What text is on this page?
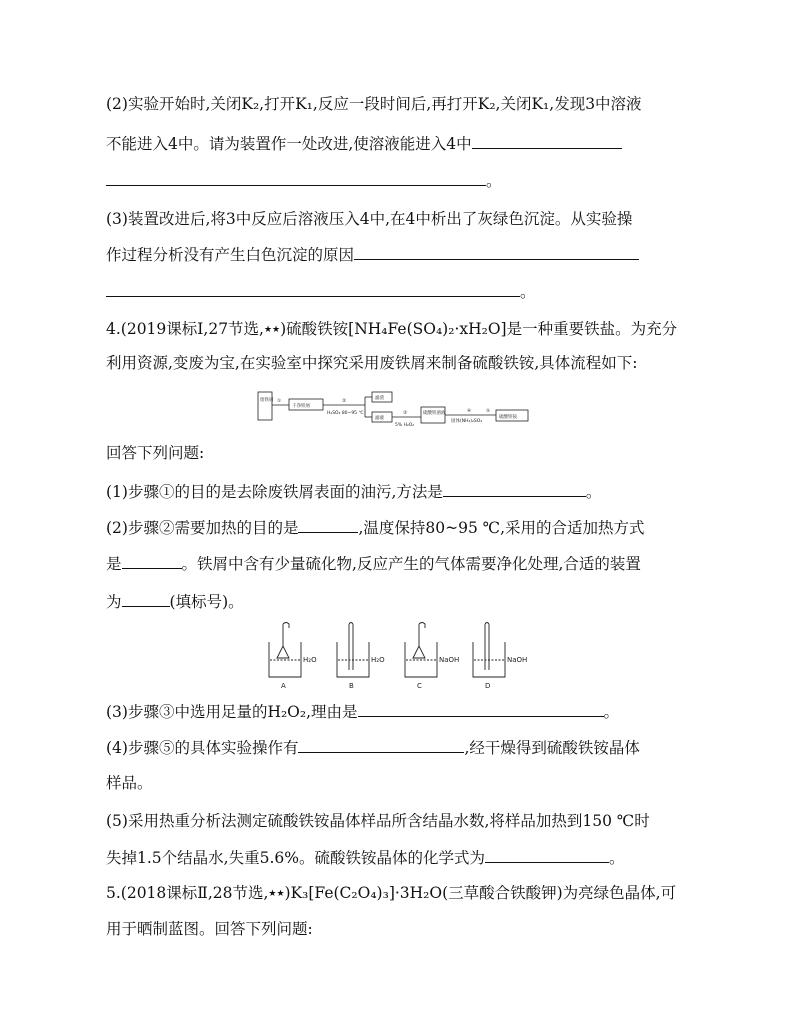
(2)实验开始时,关闭K₂,打开K₁,反应一段时间后,再打开K₂,关闭K₁,发现3中溶液
不能进入4中。请为装置作一处改进,使溶液能进入4中
。
(3)装置改进后,将3中反应后溶液压入4中,在4中析出了灰绿色沉淀。从实验操
作过程分析没有产生白色沉淀的原因
。
4.(2019课标Ⅰ,27节选,★★)硫酸铁铵[NH₄Fe(SO₄)₂·xH₂O]是一种重要铁盐。为充分
利用资源,变废为宝,在实验室中探究采用废铁屑来制备硫酸铁铵,具体流程如下:
废铁屑 ①
干净铁屑
②
H₂SO₄ 80~95 ℃
滤渣
滤液
③
5% H₂O₂
硫酸铁溶液	④
固体(NH₄)₂SO₄
⑤
硫酸铁铵
回答下列问题:
(1)步骤①的目的是去除废铁屑表面的油污,方法是	。
(2)步骤②需要加热的目的是	,温度保持80~95 ℃,采用的合适加热方式
是	。铁屑中含有少量硫化物,反应产生的气体需要净化处理,合适的装置
为	(填标号)。
H₂O	H₂O	NaOH	NaOH
A	B	C	D
(3)步骤③中选用足量的H₂O₂,理由是	。
(4)步骤⑤的具体实验操作有	,经干燥得到硫酸铁铵晶体
样品。
(5)采用热重分析法测定硫酸铁铵晶体样品所含结晶水数,将样品加热到150 ℃时
失掉1.5个结晶水,失重5.6%。硫酸铁铵晶体的化学式为	。
5.(2018课标Ⅱ,28节选,★★)K₃[Fe(C₂O₄)₃]·3H₂O(三草酸合铁酸钾)为亮绿色晶体,可
用于晒制蓝图。回答下列问题:
